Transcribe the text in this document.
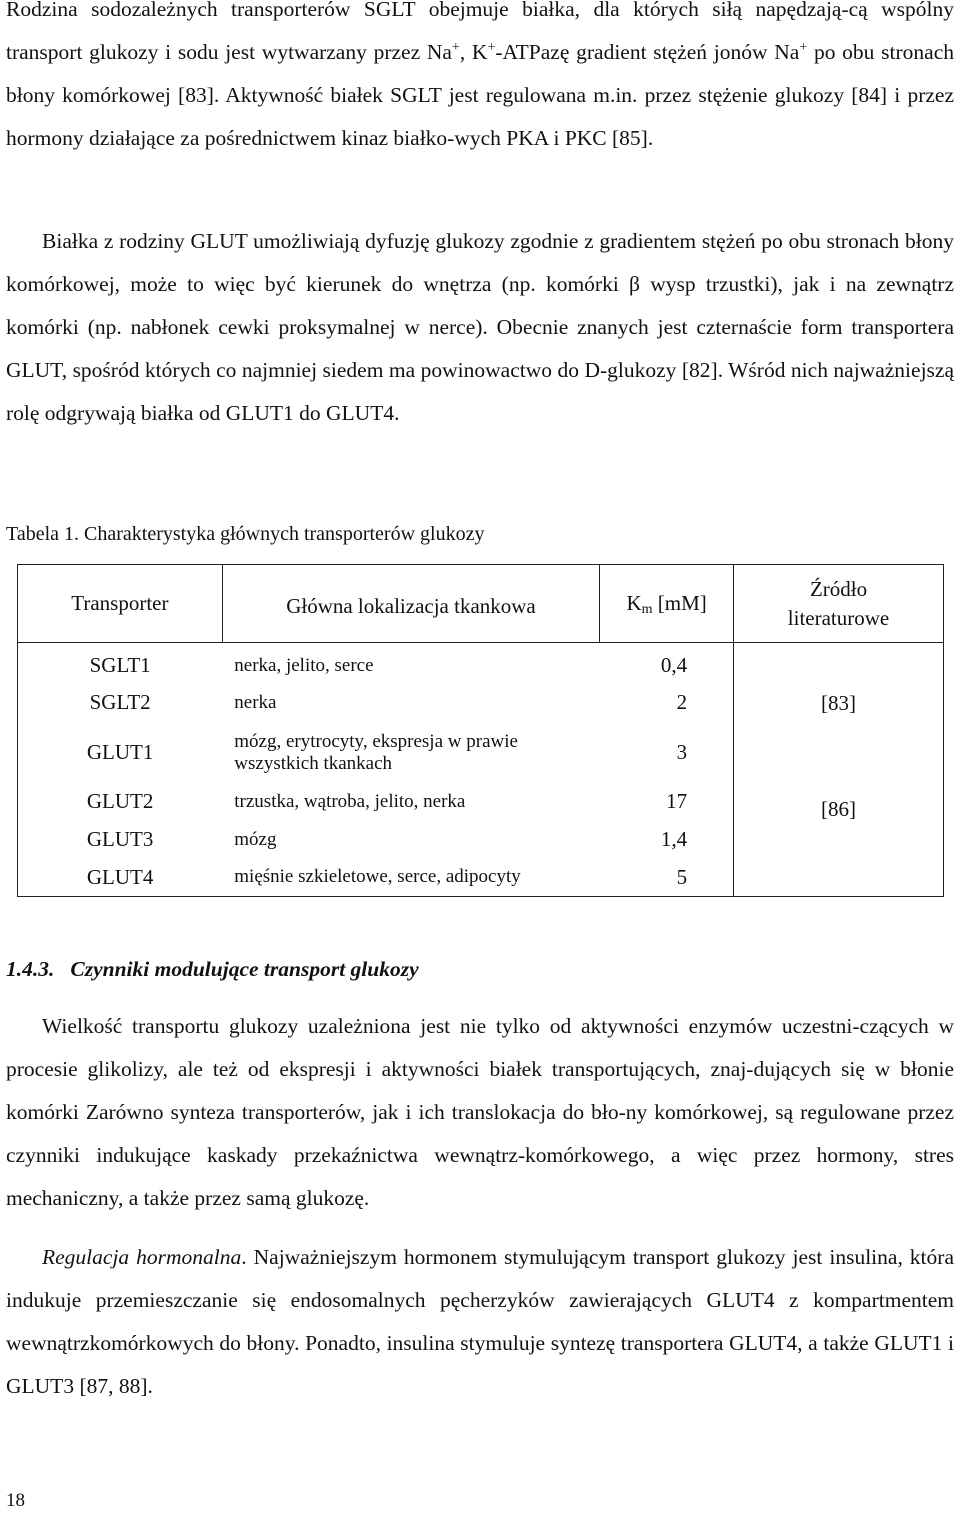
Rodzina sodozależnych transporterów SGLT obejmuje białka, dla których siłą napędzają-cą wspólny transport glukozy i sodu jest wytwarzany przez Na+, K+-ATPazę gradient stężeń jonów Na+ po obu stronach błony komórkowej [83]. Aktywność białek SGLT jest regulowana m.in. przez stężenie glukozy [84] i przez hormony działające za pośrednictwem kinaz białko-wych PKA i PKC [85].

Białka z rodziny GLUT umożliwiają dyfuzję glukozy zgodnie z gradientem stężeń po obu stronach błony komórkowej, może to więc być kierunek do wnętrza (np. komórki β wysp trzustki), jak i na zewnątrz komórki (np. nabłonek cewki proksymalnej w nerce). Obecnie znanych jest czternaście form transportera GLUT, spośród których co najmniej siedem ma powinowactwo do D-glukozy [82]. Wśród nich najważniejszą rolę odgrywają białka od GLUT1 do GLUT4.

Tabela 1. Charakterystyka głównych transporterów glukozy

Transporter	Główna lokalizacja tkankowa	$K_m$ [mM]	Źródło literaturowe
SGLT1	nerka, jelito, serce	0,4	[83]
SGLT2	nerka	2	
GLUT1	mózg, erytrocyty, ekspresja w prawie wszystkich tkankach	3	
GLUT2	trzustka, wątroba, jelito, nerka	17	[86]
GLUT3	mózg	1,4	
GLUT4	mięśnie szkieletowe, serce, adipocyty	5	

1.4.3. Czynniki modulujące transport glukozy

Wielkość transportu glukozy uzależniona jest nie tylko od aktywności enzymów uczestni-czących w procesie glikolizy, ale też od ekspresji i aktywności białek transportujących, znaj-dujących się w błonie komórki Zarówno synteza transporterów, jak i ich translokacja do bło-ny komórkowej, są regulowane przez czynniki indukujące kaskady przekaźnictwa wewnątrz-komórkowego, a więc przez hormony, stres mechaniczny, a także przez samą glukozę.

Regulacja hormonalna. Najważniejszym hormonem stymulującym transport glukozy jest insulina, która indukuje przemieszczanie się endosomalnych pęcherzyków zawierających GLUT4 z kompartmentem wewnątrzkomórkowych do błony. Ponadto, insulina stymuluje syntezę transportera GLUT4, a także GLUT1 i GLUT3 [87, 88].

18
